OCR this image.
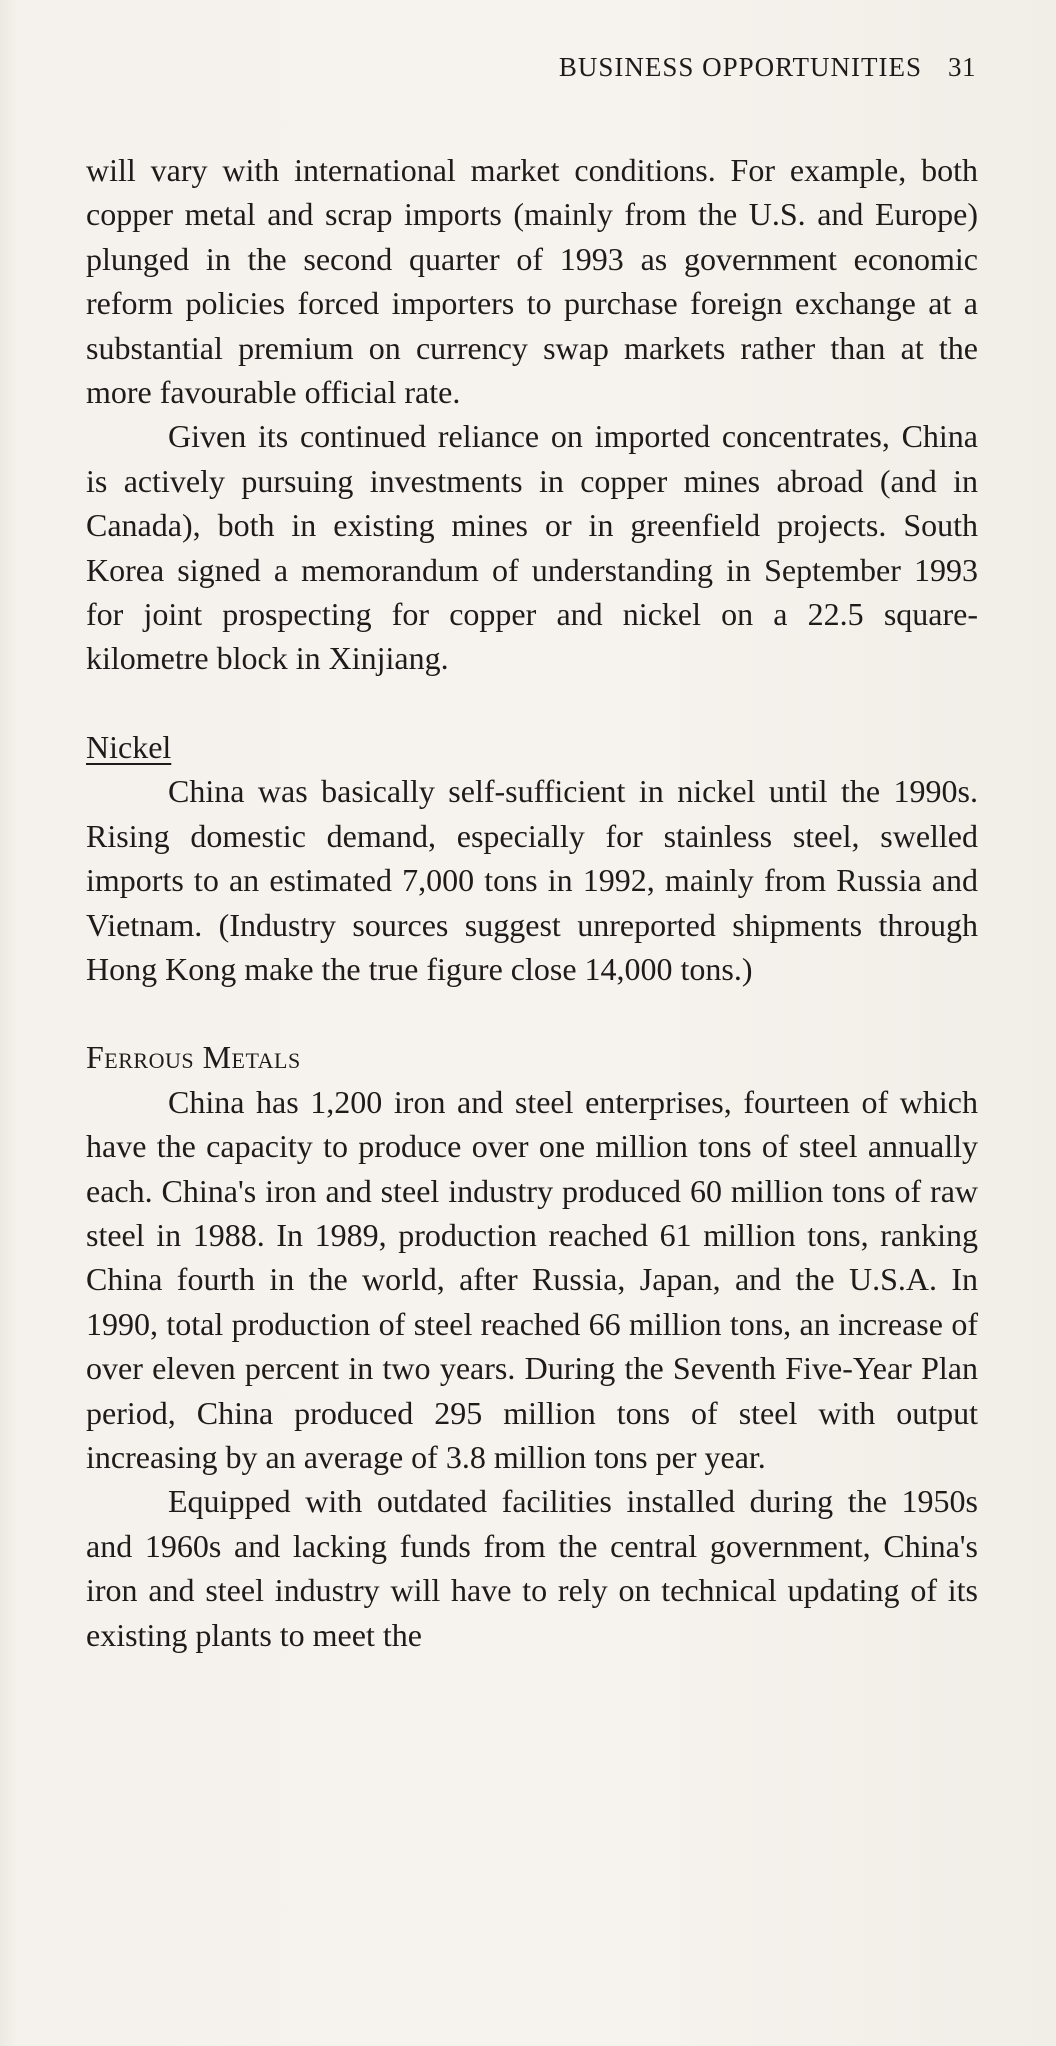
BUSINESS OPPORTUNITIES 31

will vary with international market conditions. For example, both copper metal and scrap imports (mainly from the U.S. and Europe) plunged in the second quarter of 1993 as government economic reform policies forced importers to purchase foreign exchange at a substantial premium on currency swap markets rather than at the more favourable official rate.

Given its continued reliance on imported concentrates, China is actively pursuing investments in copper mines abroad (and in Canada), both in existing mines or in greenfield projects. South Korea signed a memorandum of understanding in September 1993 for joint prospecting for copper and nickel on a 22.5 square-kilometre block in Xinjiang.

Nickel

China was basically self-sufficient in nickel until the 1990s. Rising domestic demand, especially for stainless steel, swelled imports to an estimated 7,000 tons in 1992, mainly from Russia and Vietnam. (Industry sources suggest unreported shipments through Hong Kong make the true figure close 14,000 tons.)

Ferrous Metals

China has 1,200 iron and steel enterprises, fourteen of which have the capacity to produce over one million tons of steel annually each. China's iron and steel industry produced 60 million tons of raw steel in 1988. In 1989, production reached 61 million tons, ranking China fourth in the world, after Russia, Japan, and the U.S.A. In 1990, total production of steel reached 66 million tons, an increase of over eleven percent in two years. During the Seventh Five-Year Plan period, China produced 295 million tons of steel with output increasing by an average of 3.8 million tons per year.

Equipped with outdated facilities installed during the 1950s and 1960s and lacking funds from the central government, China's iron and steel industry will have to rely on technical updating of its existing plants to meet the
